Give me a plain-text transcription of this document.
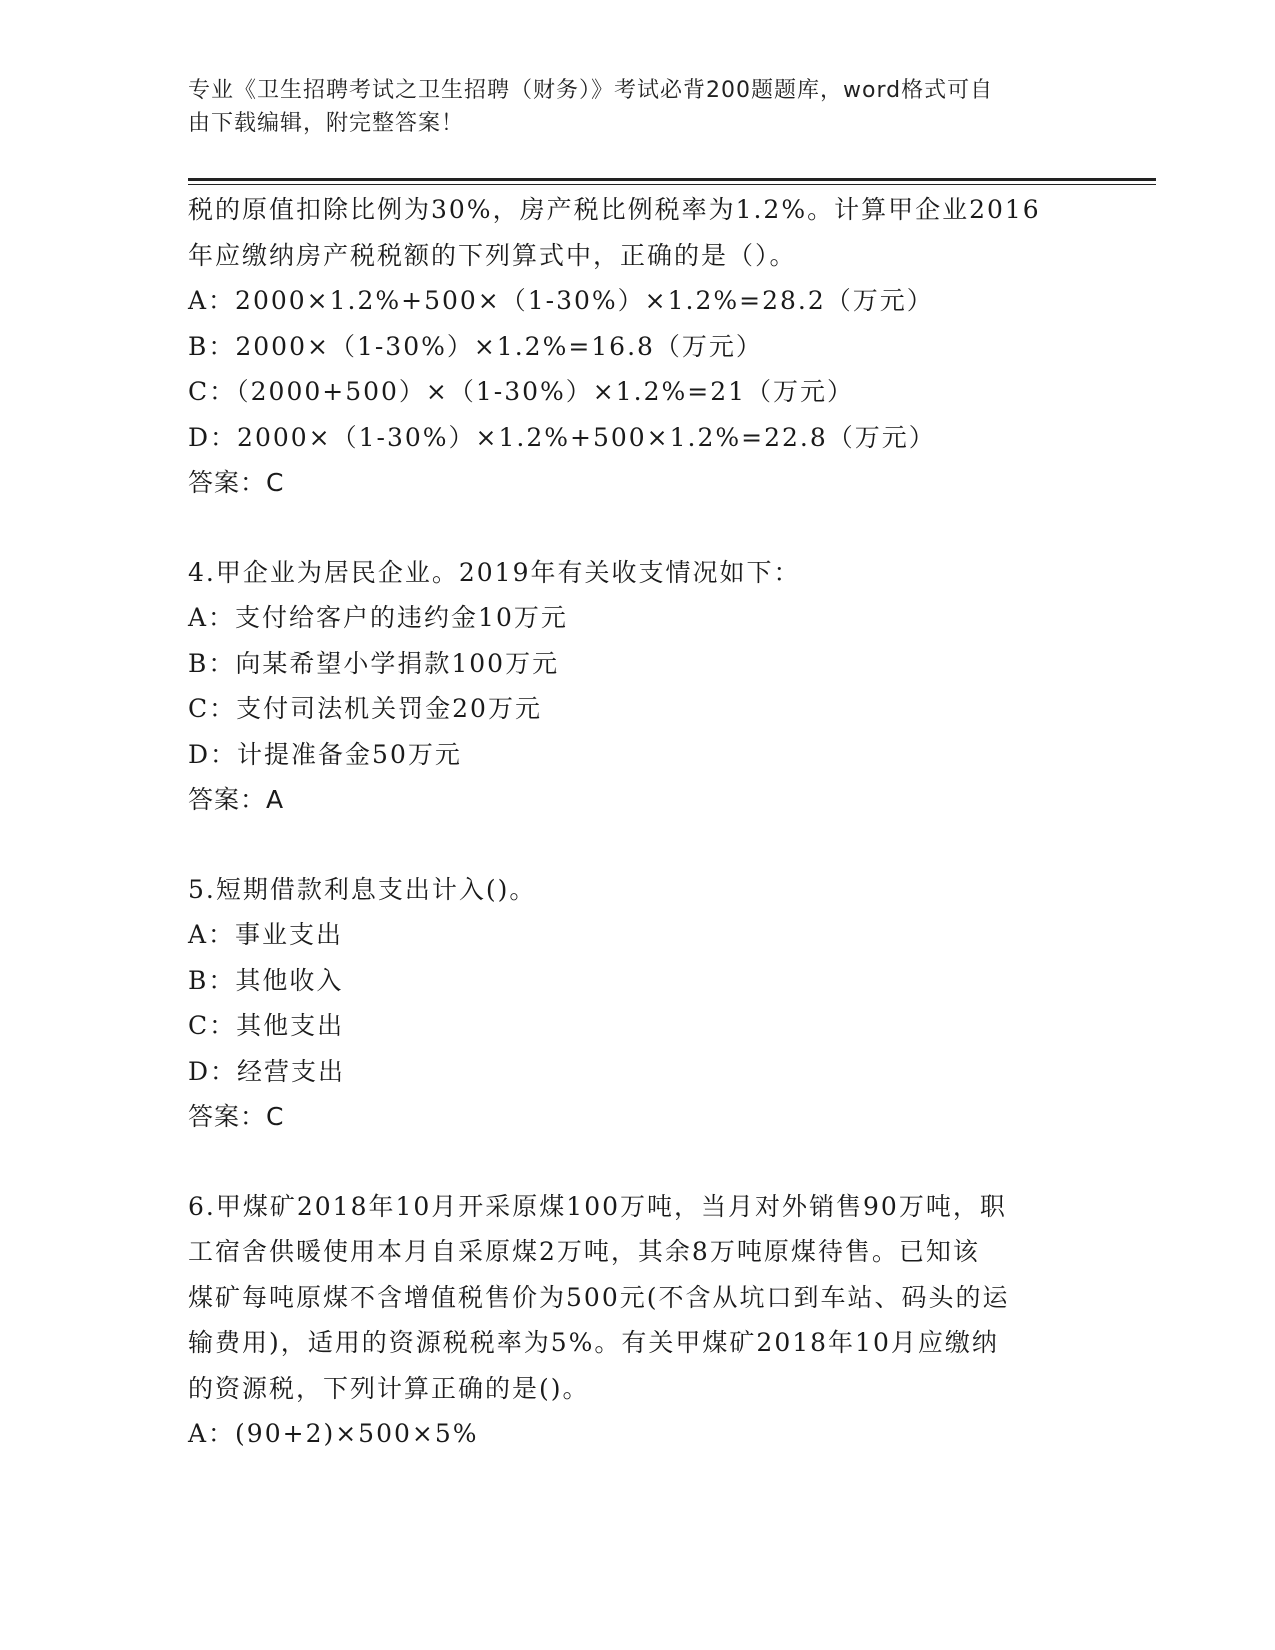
专业《卫生招聘考试之卫生招聘（财务）》考试必背200题题库，word格式可自
由下载编辑，附完整答案！
税的原值扣除比例为30%，房产税比例税率为1.2%。计算甲企业2016
年应缴纳房产税税额的下列算式中，正确的是（）。
A：2000×1.2%+500×（1-30%）×1.2%=28.2（万元）
B：2000×（1-30%）×1.2%=16.8（万元）
C：（2000+500）×（1-30%）×1.2%=21（万元）
D：2000×（1-30%）×1.2%+500×1.2%=22.8（万元）
答案：C
4.甲企业为居民企业。2019年有关收支情况如下：
A：支付给客户的违约金10万元
B：向某希望小学捐款100万元
C：支付司法机关罚金20万元
D：计提准备金50万元
答案：A
5.短期借款利息支出计入()。
A：事业支出
B：其他收入
C：其他支出
D：经营支出
答案：C
6.甲煤矿2018年10月开采原煤100万吨，当月对外销售90万吨，职
工宿舍供暖使用本月自采原煤2万吨，其余8万吨原煤待售。已知该
煤矿每吨原煤不含增值税售价为500元(不含从坑口到车站、码头的运
输费用)，适用的资源税税率为5%。有关甲煤矿2018年10月应缴纳
的资源税，下列计算正确的是()。
A：(90+2)×500×5%
